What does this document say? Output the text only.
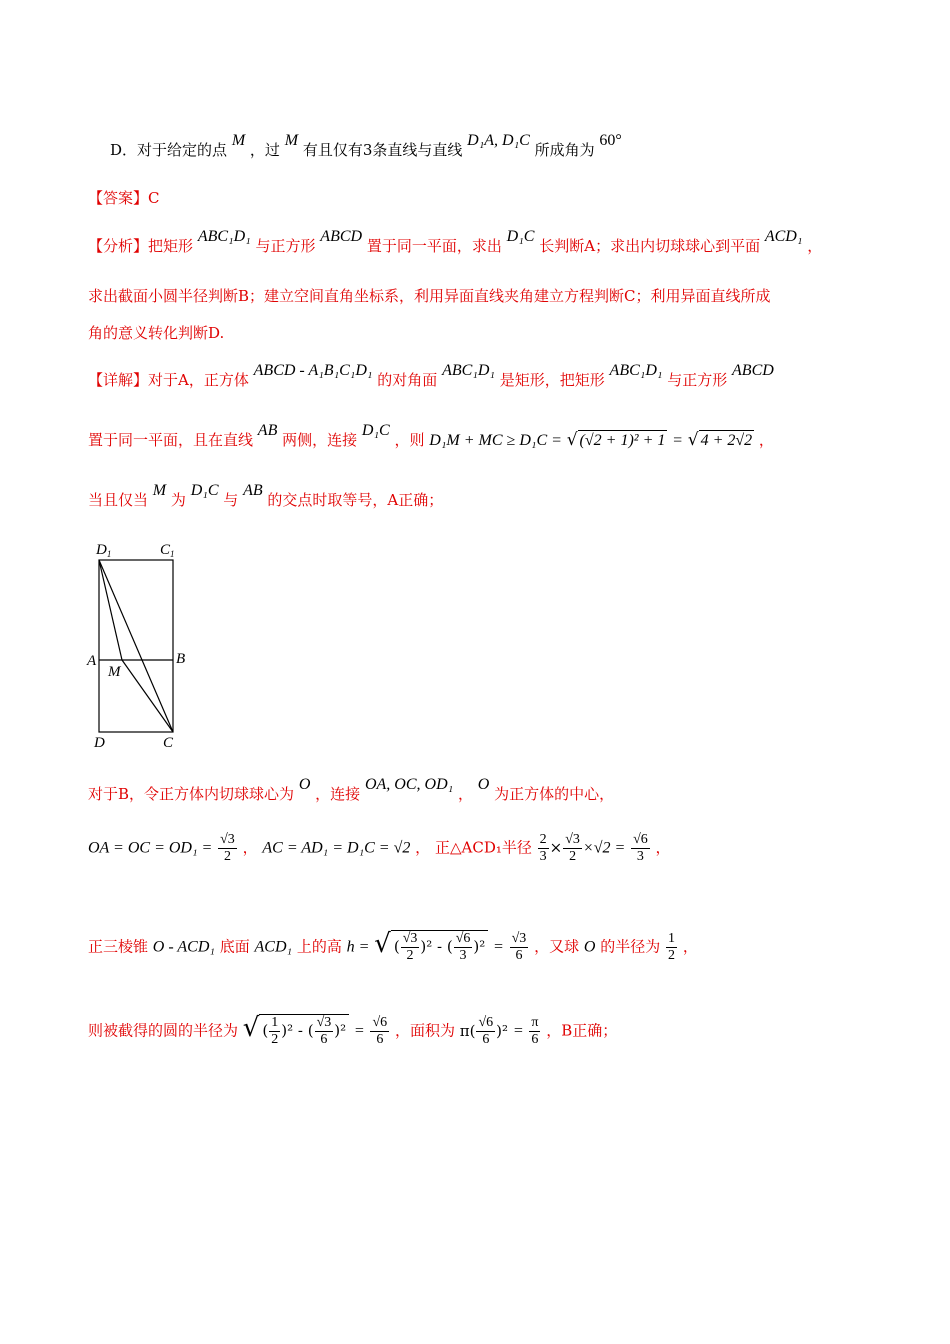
D．对于给定的点 M ，过 M 有且仅有3条直线与直线 D₁A, D₁C 所成角为 60°
【答案】C
【分析】把矩形 ABC₁D₁ 与正方形 ABCD 置于同一平面，求出 D₁C 长判断A；求出内切球球心到平面 ACD₁ ，
求出截面小圆半径判断B；建立空间直角坐标系，利用异面直线夹角建立方程判断C；利用异面直线所成
角的意义转化判断D.
【详解】对于A，正方体 ABCD - A₁B₁C₁D₁ 的对角面 ABC₁D₁ 是矩形，把矩形 ABC₁D₁ 与正方形 ABCD
置于同一平面，且在直线 AB 两侧，连接 D₁C ，则 D₁M + MC ≥ D₁C = √ (√2 + 1)² + 1 = √ 4 + 2√2 ，
当且仅当 M 为 D₁C 与 AB 的交点时取等号，A正确；
$D_1$	$C_1$
A	B
M
D	C
对于B，令正方体内切球球心为 O ，连接 OA, OC, OD₁ ， O 为正方体的中心，
OA = OC = $OD_1 = \frac{√3}{2}$ ， AC = AD₁ = D₁C = √2 ， 正△ACD₁半径 $\frac{2}{3} \times \frac{√3}{2} \times√2 = \frac{√6}{3}$ ，
正三棱锥 O - ACD₁ 底面 ACD₁ 上的高 h = √ ( $\frac{√3}{2} )^2$ - ( $\frac{√6}{3} )^2 = \frac{√3}{6}$ ，又球 O 的半径为 $\frac{1}{2}$ ，
则被截得的圆的半径为 √ ( $\frac{1}{2} )^2$ - ( $\frac{√3}{6} )^2 = \frac{√6}{6}$ ，面积为 $\pi( \frac{√6}{6} )^2 = \frac{\pi}{6}$ ，B正确；
